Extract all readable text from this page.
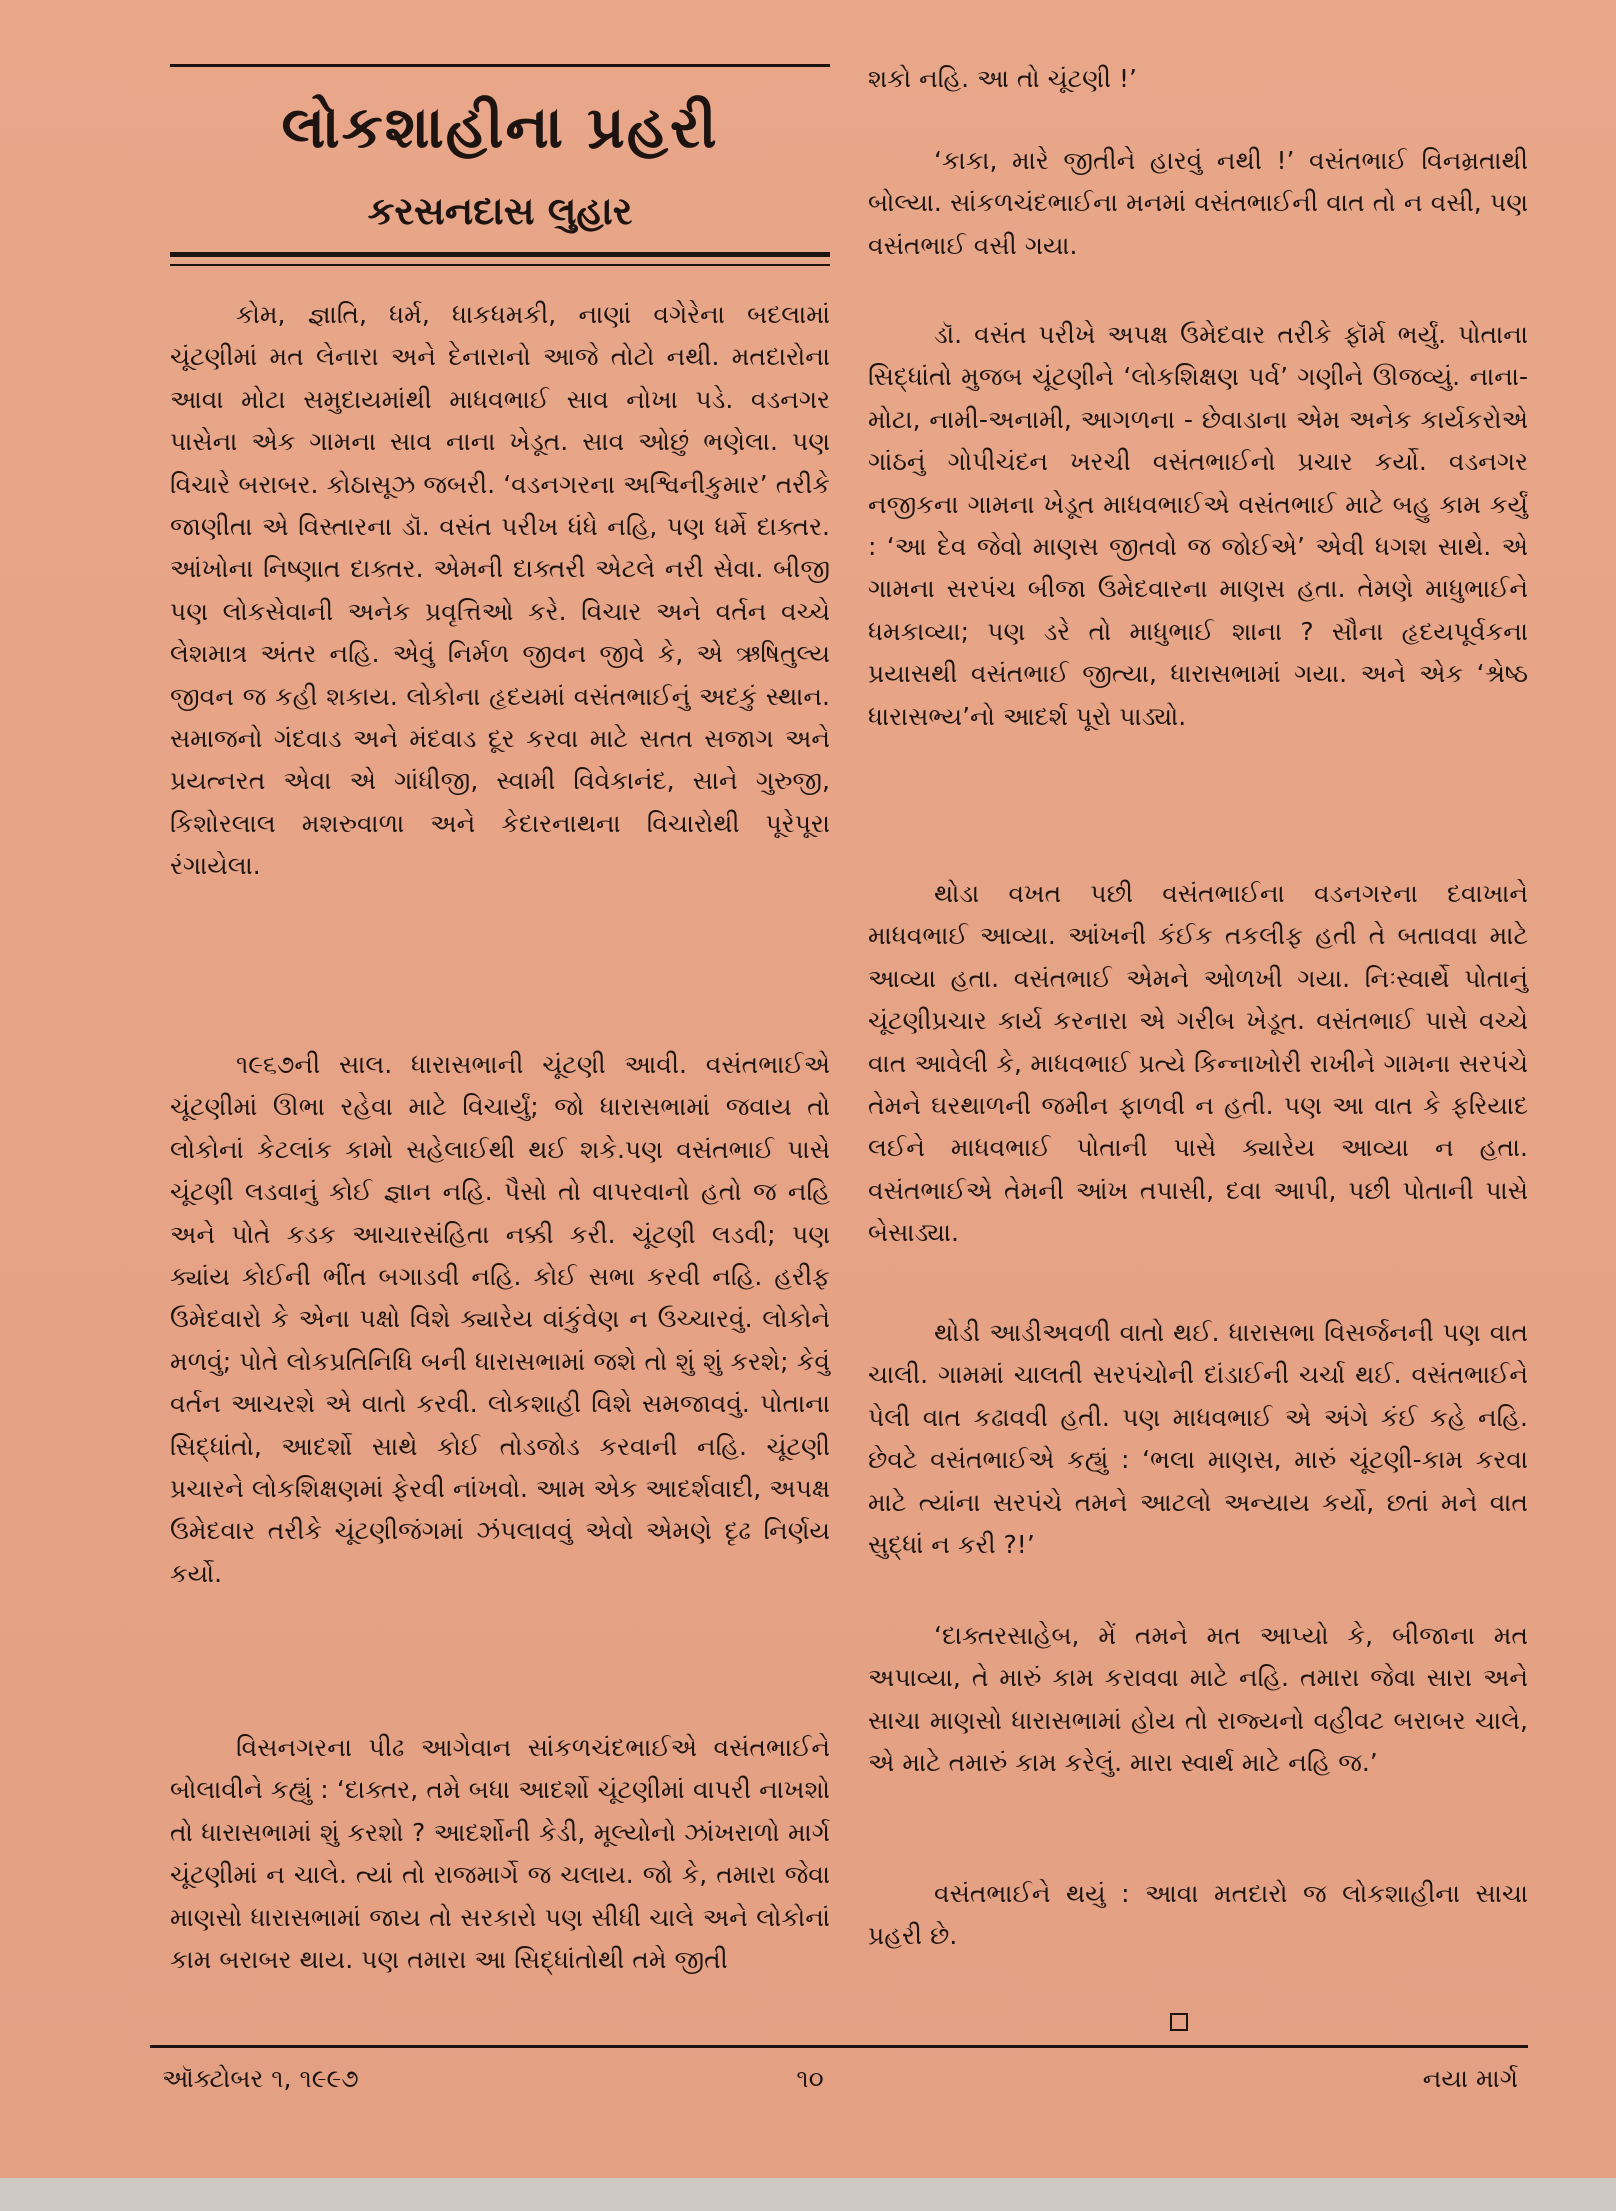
લોકશાહીના પ્રહરી
કરસનદાસ લુહાર

કોમ, જ્ઞાતિ, ધર્મ, ધાકધમકી, નાણાં વગેરેના બદલામાં ચૂંટણીમાં મત લેનારા અને દેનારાનો આજે તોટો નથી. મતદારોના આવા મોટા સમુદાયમાંથી માધવભાઈ સાવ નોખા પડે. વડનગર પાસેના એક ગામના સાવ નાના ખેડૂત. સાવ ઓછું ભણેલા. પણ વિચારે બરાબર. કોઠાસૂઝ જબરી. ‘વડનગરના અશ્વિનીકુમાર’ તરીકે જાણીતા એ વિસ્તારના ડૉ. વસંત પરીખ ધંધે નહિ, પણ ધર્મે દાક્તર. આંખોના નિષ્ણાત દાક્તર. એમની દાક્તરી એટલે નરી સેવા. બીજી પણ લોકસેવાની અનેક પ્રવૃત્તિઓ કરે. વિચાર અને વર્તન વચ્ચે લેશમાત્ર અંતર નહિ. એવું નિર્મળ જીવન જીવે કે, એ ઋષિતુલ્ય જીવન જ કહી શકાય. લોકોના હૃદયમાં વસંતભાઈનું અદકું સ્થાન. સમાજનો ગંદવાડ અને મંદવાડ દૂર કરવા માટે સતત સજાગ અને પ્રયત્નરત એવા એ ગાંધીજી, સ્વામી વિવેકાનંદ, સાને ગુરુજી, કિશોરલાલ મશરુવાળા અને કેદારનાથના વિચારોથી પૂરેપૂરા રંગાયેલા.

૧૯૬૭ની સાલ. ધારાસભાની ચૂંટણી આવી. વસંતભાઈએ ચૂંટણીમાં ઊભા રહેવા માટે વિચાર્યું; જો ધારાસભામાં જવાય તો લોકોનાં કેટલાંક કામો સહેલાઈથી થઈ શકે.પણ વસંતભાઈ પાસે ચૂંટણી લડવાનું કોઈ જ્ઞાન નહિ. પૈસો તો વાપરવાનો હતો જ નહિ અને પોતે કડક આચારસંહિતા નક્કી કરી. ચૂંટણી લડવી; પણ ક્યાંય કોઈની ભીંત બગાડવી નહિ. કોઈ સભા કરવી નહિ. હરીફ ઉમેદવારો કે એના પક્ષો વિશે ક્યારેય વાંકુંવેણ ન ઉચ્ચારવું. લોકોને મળવું; પોતે લોકપ્રતિનિધિ બની ધારાસભામાં જશે તો શું શું કરશે; કેવું વર્તન આચરશે એ વાતો કરવી. લોકશાહી વિશે સમજાવવું. પોતાના સિદ્ધાંતો, આદર્શો સાથે કોઈ તોડજોડ કરવાની નહિ. ચૂંટણી પ્રચારને લોકશિક્ષણમાં ફેરવી નાંખવો. આમ એક આદર્શવાદી, અપક્ષ ઉમેદવાર તરીકે ચૂંટણીજંગમાં ઝંપલાવવું એવો એમણે દૃઢ નિર્ણય કર્યો.

વિસનગરના પીઢ આગેવાન સાંકળચંદભાઈએ વસંતભાઈને બોલાવીને કહ્યું : ‘દાક્તર, તમે બધા આદર્શો ચૂંટણીમાં વાપરી નાખશો તો ધારાસભામાં શું કરશો ? આદર્શોની કેડી, મૂલ્યોનો ઝાંખરાળો માર્ગ ચૂંટણીમાં ન ચાલે. ત્યાં તો રાજમાર્ગે જ ચલાય. જો કે, તમારા જેવા માણસો ધારાસભામાં જાય તો સરકારો પણ સીધી ચાલે અને લોકોનાં કામ બરાબર થાય. પણ તમારા આ સિદ્ધાંતોથી તમે જીતી

શકો નહિ. આ તો ચૂંટણી !’

‘કાકા, મારે જીતીને હારવું નથી !’ વસંતભાઈ વિનમ્રતાથી બોલ્યા. સાંકળચંદભાઈના મનમાં વસંતભાઈની વાત તો ન વસી, પણ વસંતભાઈ વસી ગયા.

ડૉ. વસંત પરીખે અપક્ષ ઉમેદવાર તરીકે ફૉર્મ ભર્યું. પોતાના સિદ્ધાંતો મુજબ ચૂંટણીને ‘લોકશિક્ષણ પર્વ’ ગણીને ઊજવ્યું. નાના-મોટા, નામી-અનામી, આગળના - છેવાડાના એમ અનેક કાર્યકરોએ ગાંઠનું ગોપીચંદન ખરચી વસંતભાઈનો પ્રચાર કર્યો. વડનગર નજીકના ગામના ખેડૂત માધવભાઈએ વસંતભાઈ માટે બહુ કામ કર્યું : ‘આ દેવ જેવો માણસ જીતવો જ જોઈએ’ એવી ધગશ સાથે. એ ગામના સરપંચ બીજા ઉમેદવારના માણસ હતા. તેમણે માધુભાઈને ધમકાવ્યા; પણ ડરે તો માધુભાઈ શાના ? સૌના હૃદયપૂર્વકના પ્રયાસથી વસંતભાઈ જીત્યા, ધારાસભામાં ગયા. અને એક ‘શ્રેષ્ઠ ધારાસભ્ય’નો આદર્શ પૂરો પાડ્યો.

થોડા વખત પછી વસંતભાઈના વડનગરના દવાખાને માધવભાઈ આવ્યા. આંખની કંઈક તકલીફ હતી તે બતાવવા માટે આવ્યા હતા. વસંતભાઈ એમને ઓળખી ગયા. નિઃસ્વાર્થે પોતાનું ચૂંટણીપ્રચાર કાર્ય કરનારા એ ગરીબ ખેડૂત. વસંતભાઈ પાસે વચ્ચે વાત આવેલી કે, માધવભાઈ પ્રત્યે કિન્નાખોરી રાખીને ગામના સરપંચે તેમને ઘરથાળની જમીન ફાળવી ન હતી. પણ આ વાત કે ફરિયાદ લઈને માધવભાઈ પોતાની પાસે ક્યારેય આવ્યા ન હતા. વસંતભાઈએ તેમની આંખ તપાસી, દવા આપી, પછી પોતાની પાસે બેસાડ્યા.

થોડી આડીઅવળી વાતો થઈ. ધારાસભા વિસર્જનની પણ વાત ચાલી. ગામમાં ચાલતી સરપંચોની દાંડાઈની ચર્ચા થઈ. વસંતભાઈને પેલી વાત કઢાવવી હતી. પણ માધવભાઈ એ અંગે કંઈ કહે નહિ. છેવટે વસંતભાઈએ કહ્યું : ‘ભલા માણસ, મારું ચૂંટણી-કામ કરવા માટે ત્યાંના સરપંચે તમને આટલો અન્યાય કર્યો, છતાં મને વાત સુદ્ધાં ન કરી ?!’

‘દાક્તરસાહેબ, મેં તમને મત આપ્યો કે, બીજાના મત અપાવ્યા, તે મારું કામ કરાવવા માટે નહિ. તમારા જેવા સારા અને સાચા માણસો ધારાસભામાં હોય તો રાજ્યનો વહીવટ બરાબર ચાલે, એ માટે તમારું કામ કરેલું. મારા સ્વાર્થ માટે નહિ જ.’

વસંતભાઈને થયું : આવા મતદારો જ લોકશાહીના સાચા પ્રહરી છે.

ઑક્ટોબર ૧, ૧૯૯૭	૧૦	નયા માર્ગ
